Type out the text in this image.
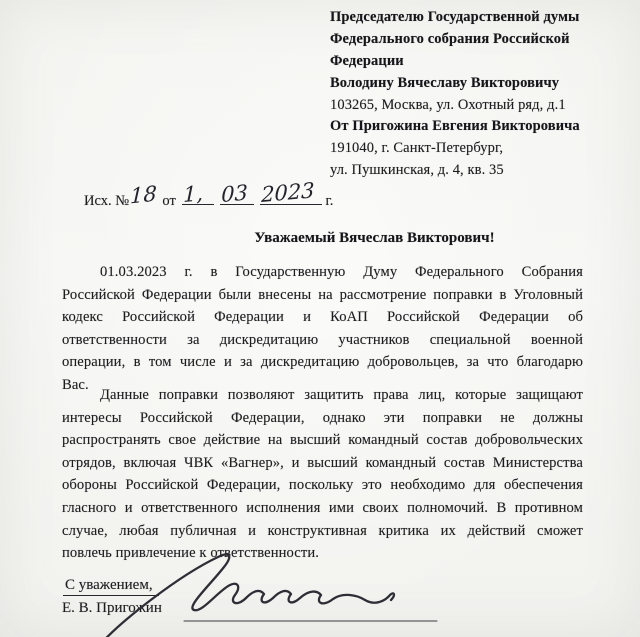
Председателю Государственной думы
Федерального собрания Российской
Федерации
Володину Вячеславу Викторовичу
103265, Москва, ул. Охотный ряд, д.1
От Пригожина Евгения Викторовича
191040, г. Санкт-Петербург,
ул. Пушкинская, д. 4, кв. 35
Исх. №18 от 1, 03 2023 г.
Уважаемый Вячеслав Викторович!
01.03.2023 г. в Государственную Думу Федерального Собрания
Российской Федерации были внесены на рассмотрение поправки в Уголовный
кодекс Российской Федерации и КоАП Российской Федерации об
ответственности за дискредитацию участников специальной военной
операции, в том числе и за дискредитацию добровольцев, за что благодарю
Вас.
Данные поправки позволяют защитить права лиц, которые защищают
интересы Российской Федерации, однако эти поправки не должны
распространять свое действие на высший командный состав добровольческих
отрядов, включая ЧВК «Вагнер», и высший командный состав Министерства
обороны Российской Федерации, поскольку это необходимо для обеспечения
гласного и ответственного исполнения ими своих полномочий. В противном
случае, любая публичная и конструктивная критика их действий сможет
повлечь привлечение к ответственности.
С уважением,
Е. В. Пригожин
